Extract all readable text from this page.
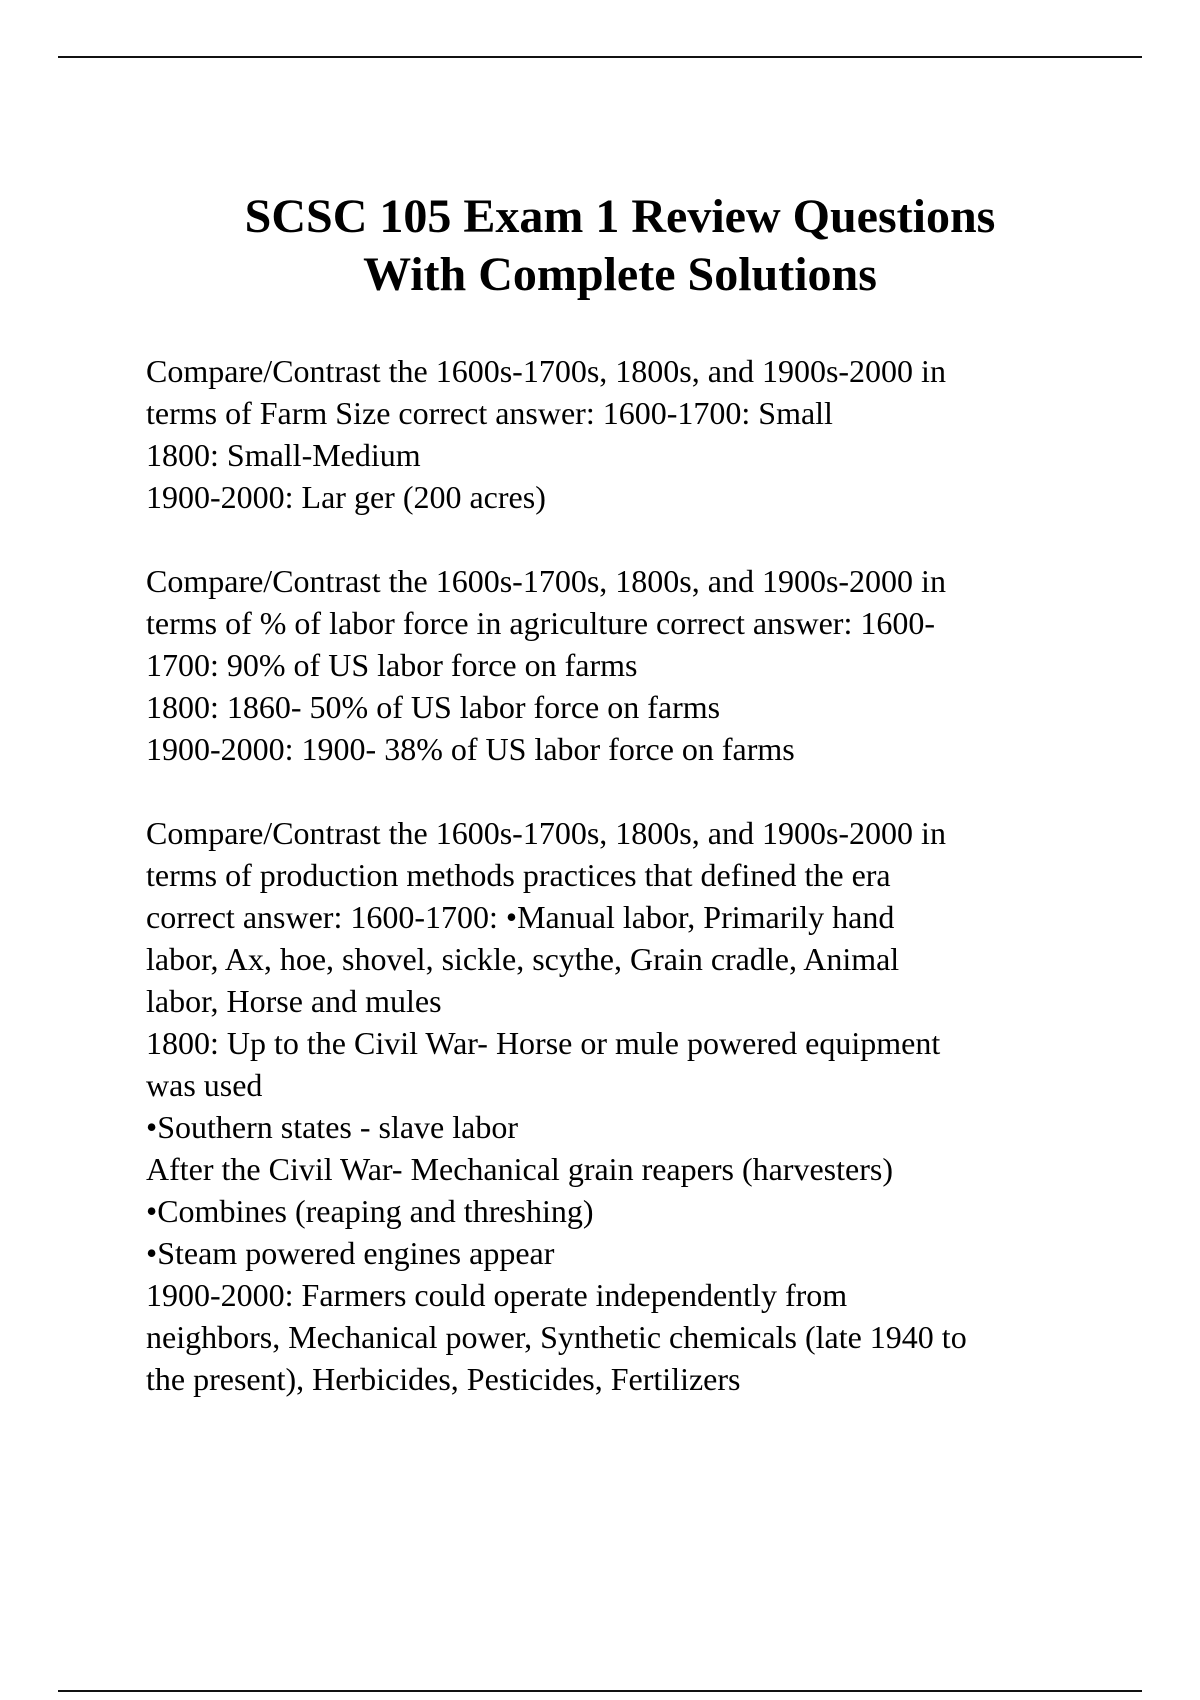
SCSC 105 Exam 1 Review Questions
With Complete Solutions
Compare/Contrast the 1600s-1700s, 1800s, and 1900s-2000 in
terms of Farm Size correct answer: 1600-1700: Small
1800: Small-Medium
1900-2000: Lar ger (200 acres)
Compare/Contrast the 1600s-1700s, 1800s, and 1900s-2000 in
terms of % of labor force in agriculture correct answer: 1600-
1700: 90% of US labor force on farms
1800: 1860- 50% of US labor force on farms
1900-2000: 1900- 38% of US labor force on farms
Compare/Contrast the 1600s-1700s, 1800s, and 1900s-2000 in
terms of production methods practices that defined the era
correct answer: 1600-1700: •Manual labor, Primarily hand
labor, Ax, hoe, shovel, sickle, scythe, Grain cradle, Animal
labor, Horse and mules
1800: Up to the Civil War- Horse or mule powered equipment
was used
•Southern states - slave labor
After the Civil War- Mechanical grain reapers (harvesters)
•Combines (reaping and threshing)
•Steam powered engines appear
1900-2000: Farmers could operate independently from
neighbors, Mechanical power, Synthetic chemicals (late 1940 to
the present), Herbicides, Pesticides, Fertilizers
